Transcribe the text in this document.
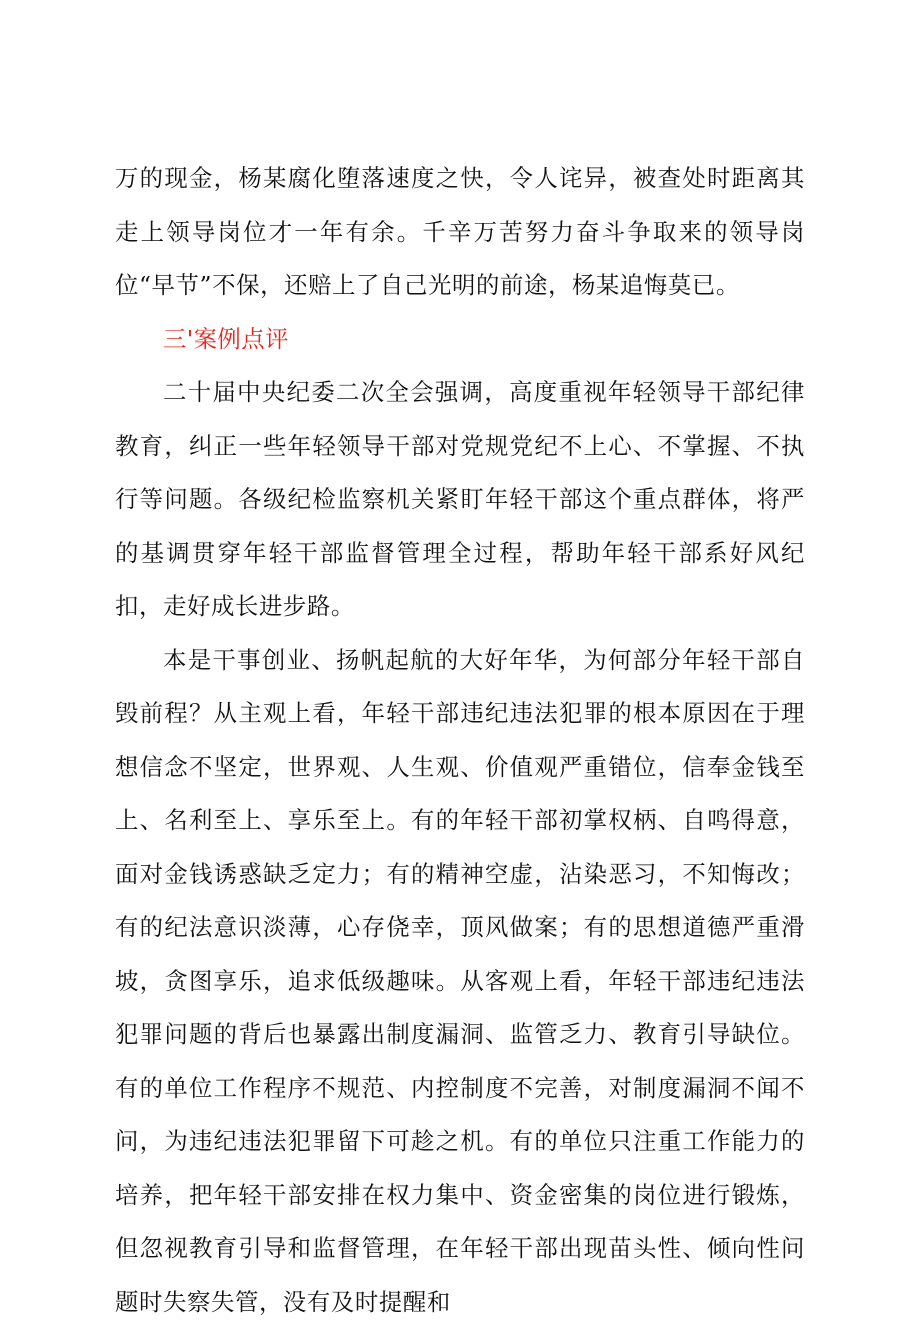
万的现金，杨某腐化堕落速度之快，令人诧异，被查处时距离其走上领导岗位才一年有余。千辛万苦努力奋斗争取来的领导岗位“早节”不保，还赔上了自己光明的前途，杨某追悔莫已。

三'案例点评

二十届中央纪委二次全会强调，高度重视年轻领导干部纪律教育，纠正一些年轻领导干部对党规党纪不上心、不掌握、不执行等问题。各级纪检监察机关紧盯年轻干部这个重点群体，将严的基调贯穿年轻干部监督管理全过程，帮助年轻干部系好风纪扣，走好成长进步路。

本是干事创业、扬帆起航的大好年华，为何部分年轻干部自毁前程？从主观上看，年轻干部违纪违法犯罪的根本原因在于理想信念不坚定，世界观、人生观、价值观严重错位，信奉金钱至上、名利至上、享乐至上。有的年轻干部初掌权柄、自鸣得意，面对金钱诱惑缺乏定力；有的精神空虚，沾染恶习，不知悔改；有的纪法意识淡薄，心存侥幸，顶风做案；有的思想道德严重滑坡，贪图享乐，追求低级趣味。从客观上看，年轻干部违纪违法犯罪问题的背后也暴露出制度漏洞、监管乏力、教育引导缺位。有的单位工作程序不规范、内控制度不完善，对制度漏洞不闻不问，为违纪违法犯罪留下可趁之机。有的单位只注重工作能力的培养，把年轻干部安排在权力集中、资金密集的岗位进行锻炼，但忽视教育引导和监督管理，在年轻干部出现苗头性、倾向性问题时失察失管，没有及时提醒和
